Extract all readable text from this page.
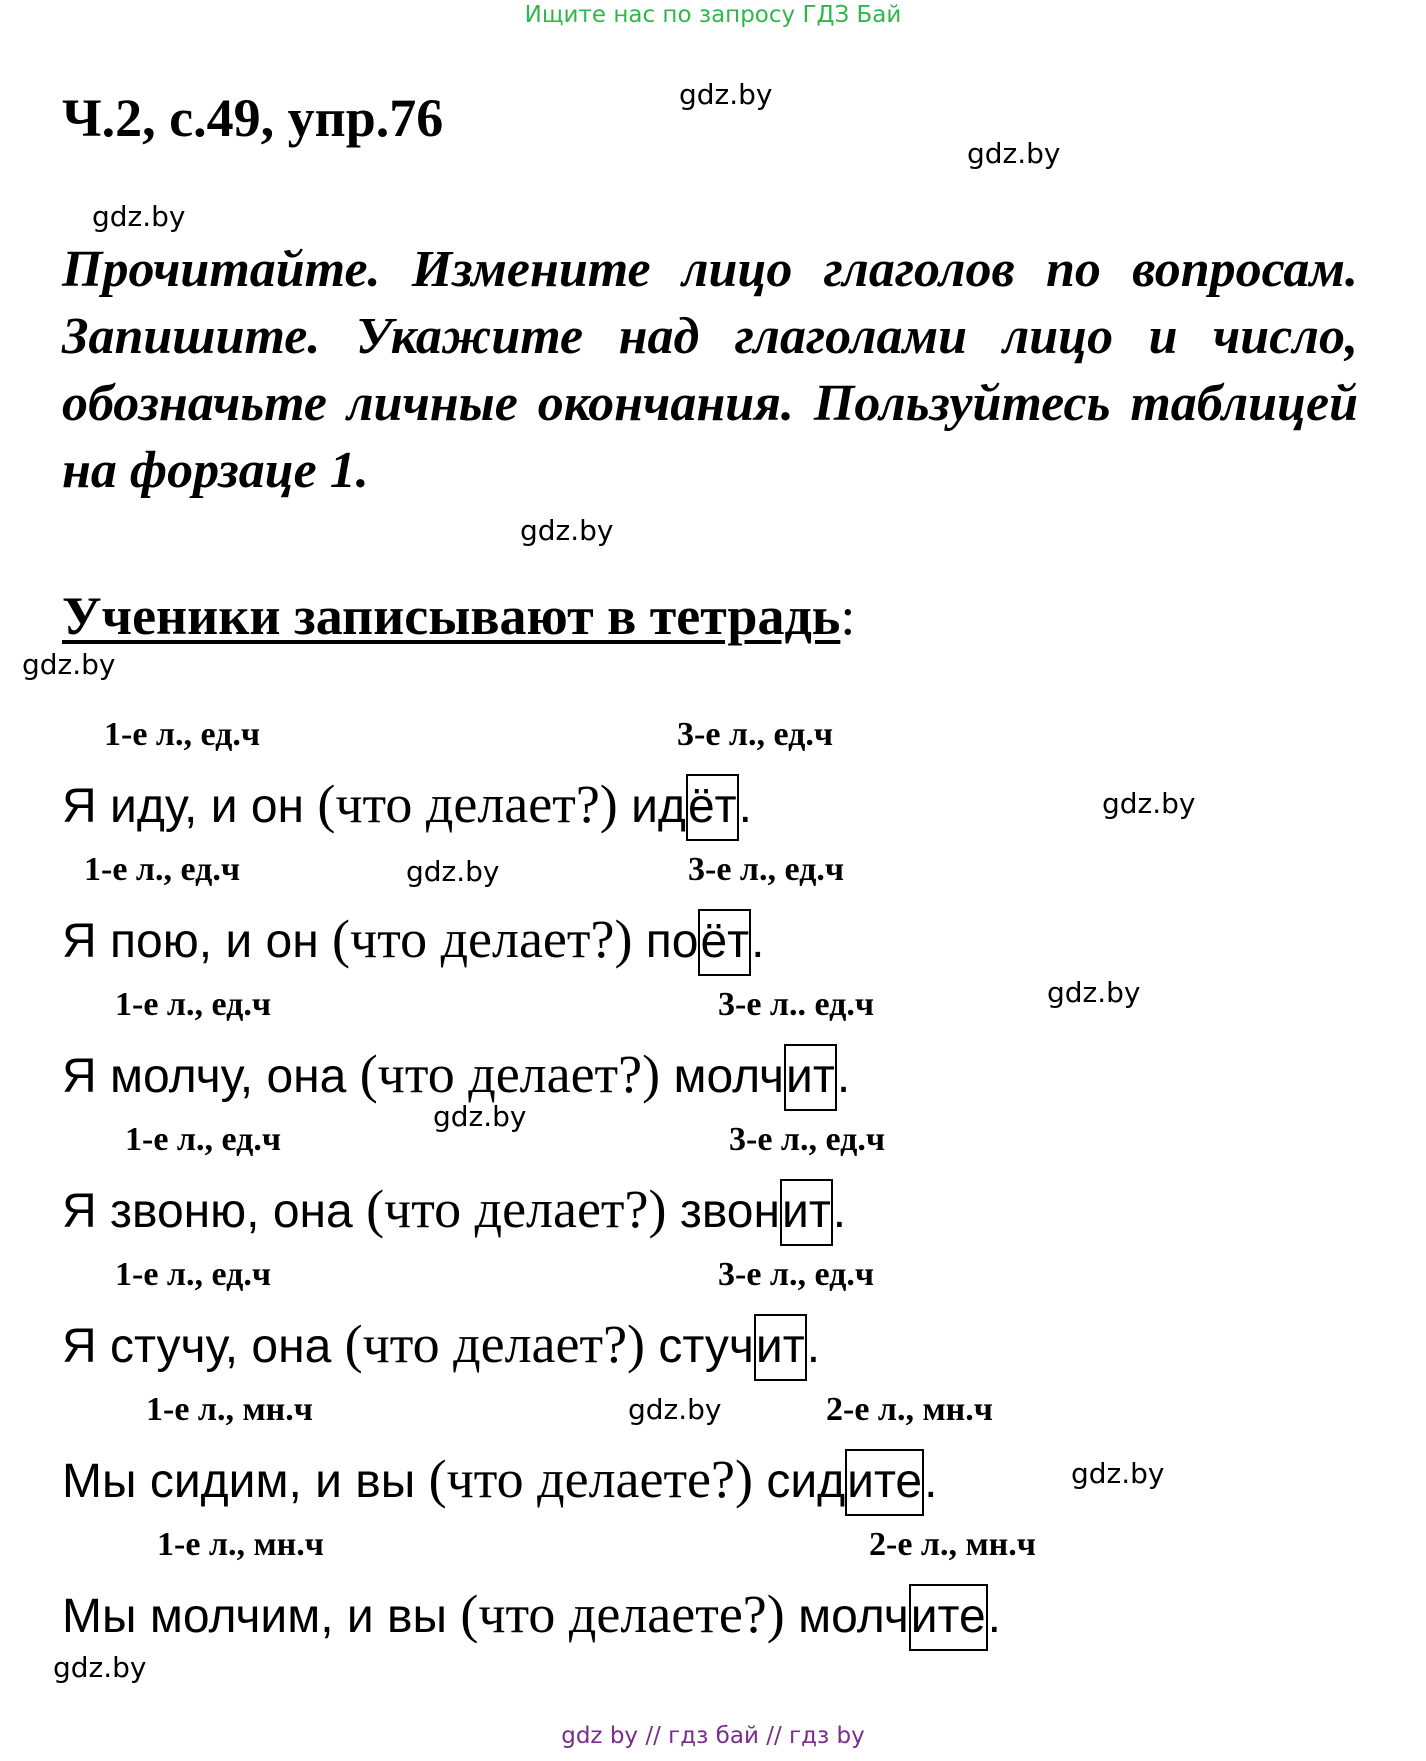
Ищите нас по запросу ГДЗ Бай
Ч.2, с.49, упр.76	gdz.by
gdz.by
gdz.by
gdz.by
gdz.by
gdz.by
gdz.by
gdz.by
gdz.by
gdz.by
gdz.by
gdz.by
Прочитайте. Измените лицо глаголов по вопросам. Запишите. Укажите над глаголами лицо и число, обозначьте личные окончания. Пользуйтесь таблицей на форзаце 1.
Ученики записывают в тетрадь:
1-е л., ед.ч	3-е л., ед.ч
Я иду, и он (что делает?) идёт.
1-е л., ед.ч	3-е л., ед.ч
Я пою, и он (что делает?) поёт.
1-е л., ед.ч	3-е л.. ед.ч
Я молчу, она (что делает?) молчит.
1-е л., ед.ч	3-е л., ед.ч
Я звоню, она (что делает?) звонит.
1-е л., ед.ч	3-е л., ед.ч
Я стучу, она (что делает?) стучит.
1-е л., мн.ч	2-е л., мн.ч
Мы сидим, и вы (что делаете?) сидите.
1-е л., мн.ч	2-е л., мн.ч
Мы молчим, и вы (что делаете?) молчите.
gdz by // гдз бай // гдз by
